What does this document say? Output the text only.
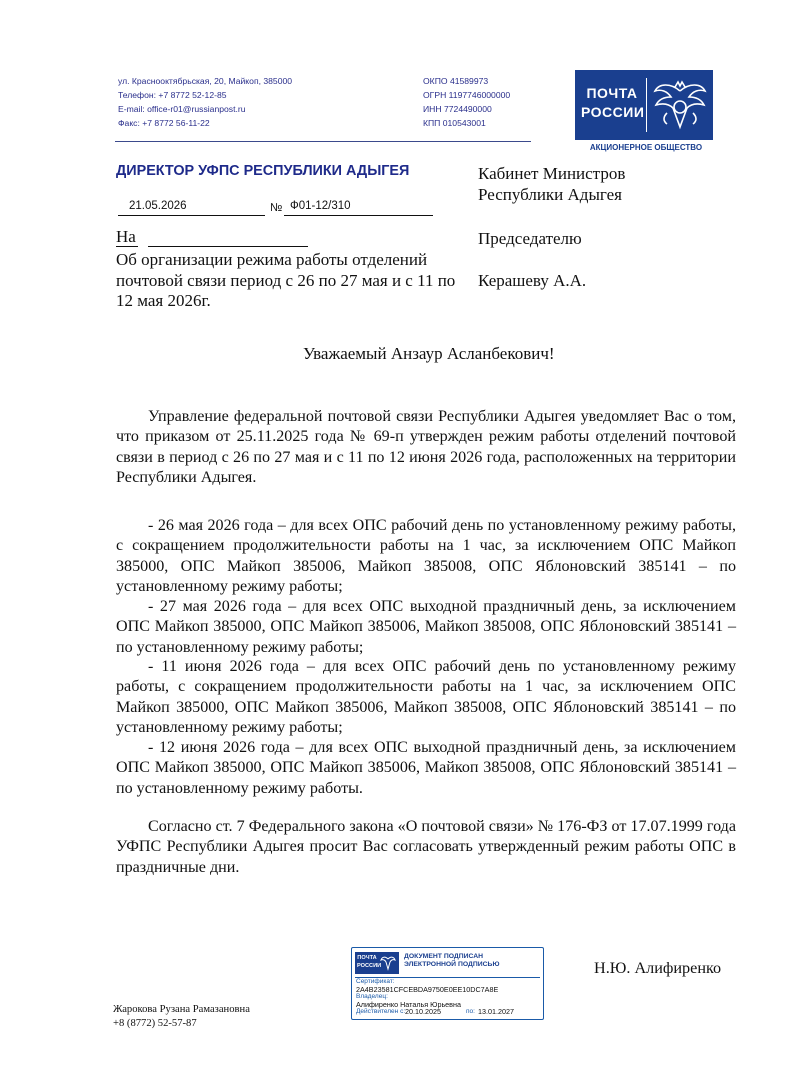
ул. Краснооктябрьская, 20, Майкоп, 385000
Телефон: +7 8772 52-12-85
E-mail: office-r01@russianpost.ru
Факс: +7 8772 56-11-22
ОКПО 41589973
ОГРН 1197746000000
ИНН 7724490000
КПП 010543001
ПОЧТА
РОССИИ
АКЦИОНЕРНОЕ ОБЩЕСТВО
ДИРЕКТОР УФПС РЕСПУБЛИКИ АДЫГЕЯ	Кабинет Министров
Республики Адыгея
Председателю
Керашеву А.А.
21.05.2026	№ Ф01-12/310
На
Об организации режима работы отделений почтовой связи период с 26 по 27 мая и с 11 по 12 мая 2026г.
Уважаемый Анзаур Асланбекович!
Управление федеральной почтовой связи Республики Адыгея уведомляет Вас о том, что приказом от 25.11.2025 года № 69-п утвержден режим работы отделений почтовой связи в период с 26 по 27 мая и с 11 по 12 июня 2026 года, расположенных на территории Республики Адыгея.
- 26 мая 2026 года – для всех ОПС рабочий день по установленному режиму работы, с сокращением продолжительности работы на 1 час, за исключением ОПС Майкоп 385000, ОПС Майкоп 385006, Майкоп 385008, ОПС Яблоновский 385141 – по установленному режиму работы;
- 27 мая 2026 года – для всех ОПС выходной праздничный день, за исключением ОПС Майкоп 385000, ОПС Майкоп 385006, Майкоп 385008, ОПС Яблоновский 385141 – по установленному режиму работы;
- 11 июня 2026 года – для всех ОПС рабочий день по установленному режиму работы, с сокращением продолжительности работы на 1 час, за исключением ОПС Майкоп 385000, ОПС Майкоп 385006, Майкоп 385008, ОПС Яблоновский 385141 – по установленному режиму работы;
- 12 июня 2026 года – для всех ОПС выходной праздничный день, за исключением ОПС Майкоп 385000, ОПС Майкоп 385006, Майкоп 385008, ОПС Яблоновский 385141 – по установленному режиму работы.
Согласно ст. 7 Федерального закона «О почтовой связи» № 176-ФЗ от 17.07.1999 года УФПС Республики Адыгея просит Вас согласовать утвержденный режим работы ОПС в праздничные дни.
ПОЧТА
РОССИИ
ДОКУМЕНТ ПОДПИСАН
ЭЛЕКТРОННОЙ ПОДПИСЬЮ
Сертификат:
2A4B23581CFCEBDA9750E0EE10DC7A8E
Владелец:
Алифиренко Наталья Юрьевна
Действителен с: 20.10.2025	по: 13.01.2027
Н.Ю. Алифиренко
Жарокова Рузана Рамазановна
+8 (8772) 52-57-87
